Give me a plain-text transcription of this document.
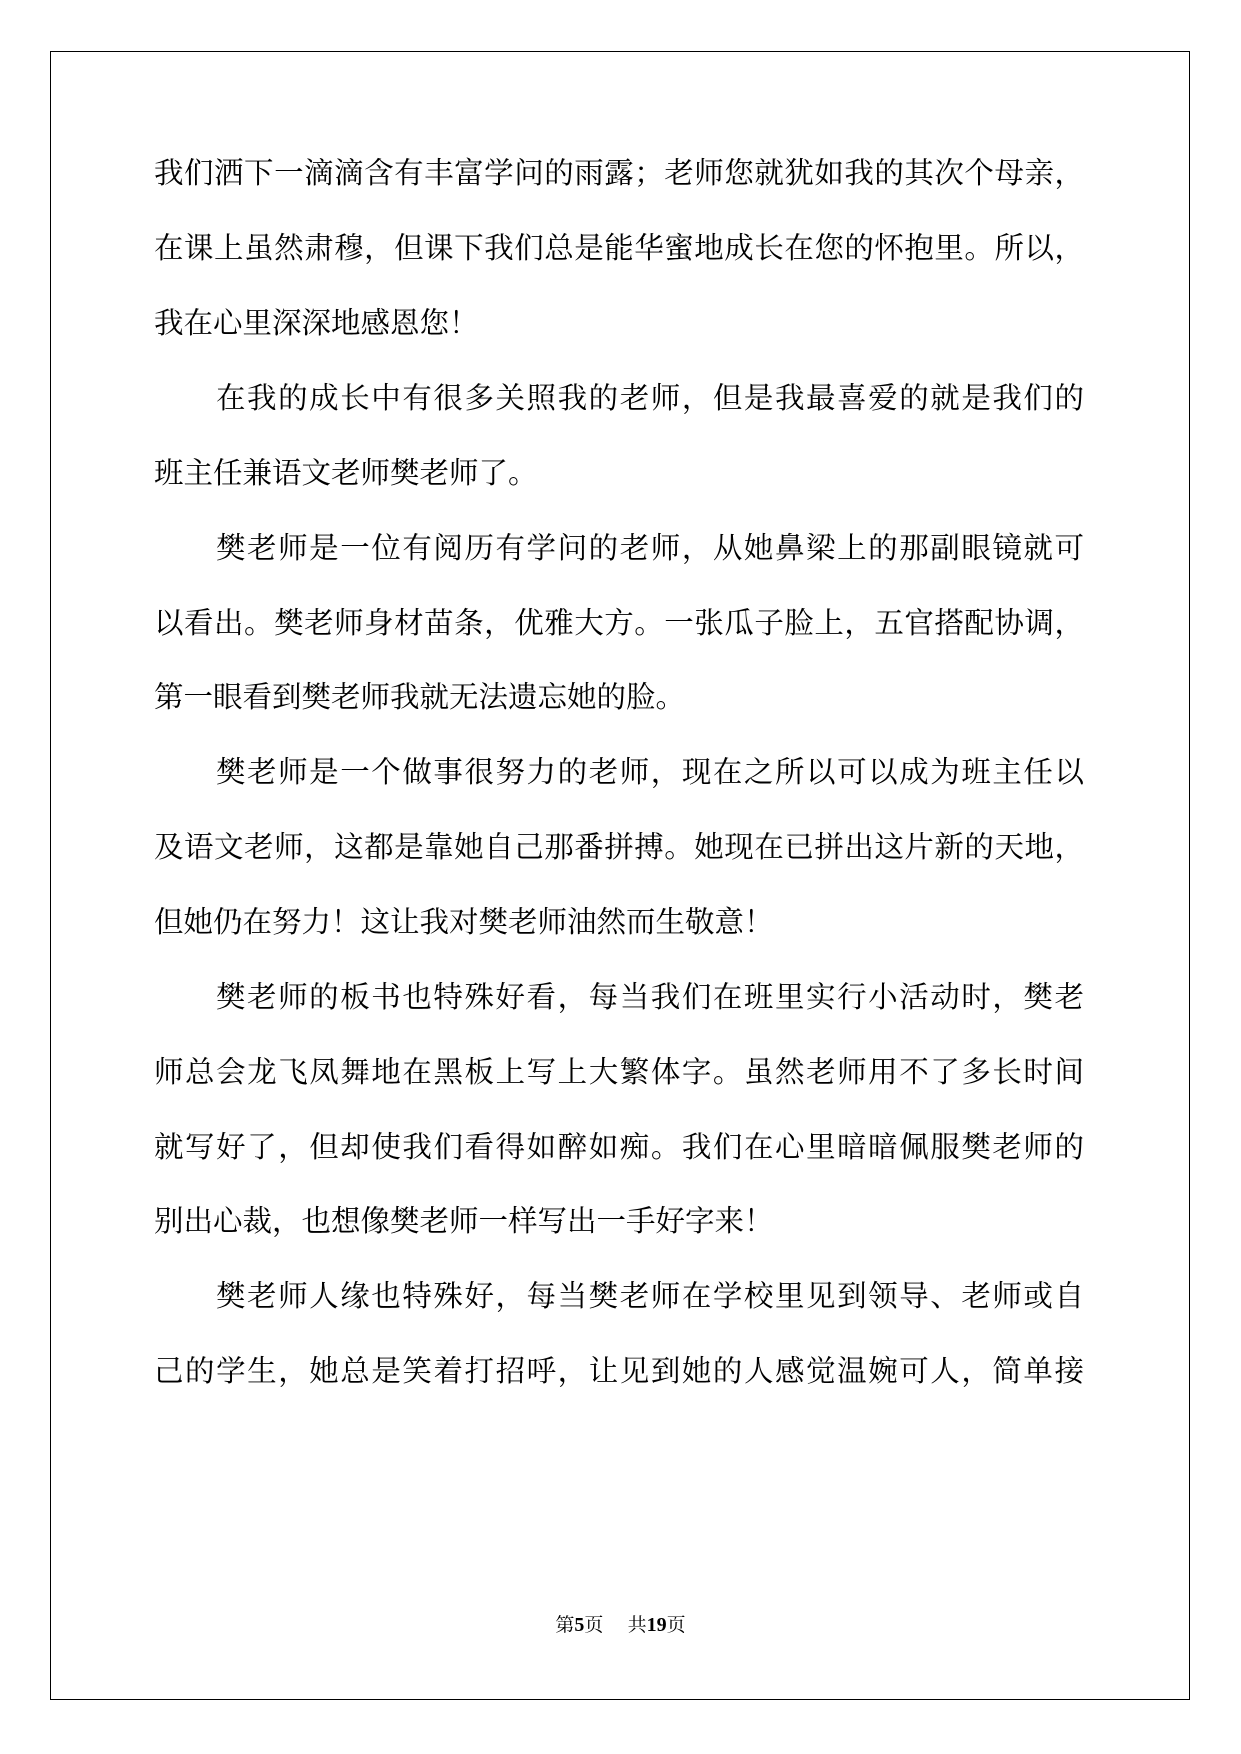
我们洒下一滴滴含有丰富学问的雨露；老师您就犹如我的其次个母亲，
在课上虽然肃穆，但课下我们总是能华蜜地成长在您的怀抱里。所以，
我在心里深深地感恩您！
在我的成长中有很多关照我的老师，但是我最喜爱的就是我们的
班主任兼语文老师樊老师了。
樊老师是一位有阅历有学问的老师，从她鼻梁上的那副眼镜就可
以看出。樊老师身材苗条，优雅大方。一张瓜子脸上，五官搭配协调，
第一眼看到樊老师我就无法遗忘她的脸。
樊老师是一个做事很努力的老师，现在之所以可以成为班主任以
及语文老师，这都是靠她自己那番拼搏。她现在已拼出这片新的天地，
但她仍在努力！这让我对樊老师油然而生敬意！
樊老师的板书也特殊好看，每当我们在班里实行小活动时，樊老
师总会龙飞凤舞地在黑板上写上大繁体字。虽然老师用不了多长时间
就写好了，但却使我们看得如醉如痴。我们在心里暗暗佩服樊老师的
别出心裁，也想像樊老师一样写出一手好字来！
樊老师人缘也特殊好，每当樊老师在学校里见到领导、老师或自
己的学生，她总是笑着打招呼，让见到她的人感觉温婉可人，简单接
第5页    共19页
